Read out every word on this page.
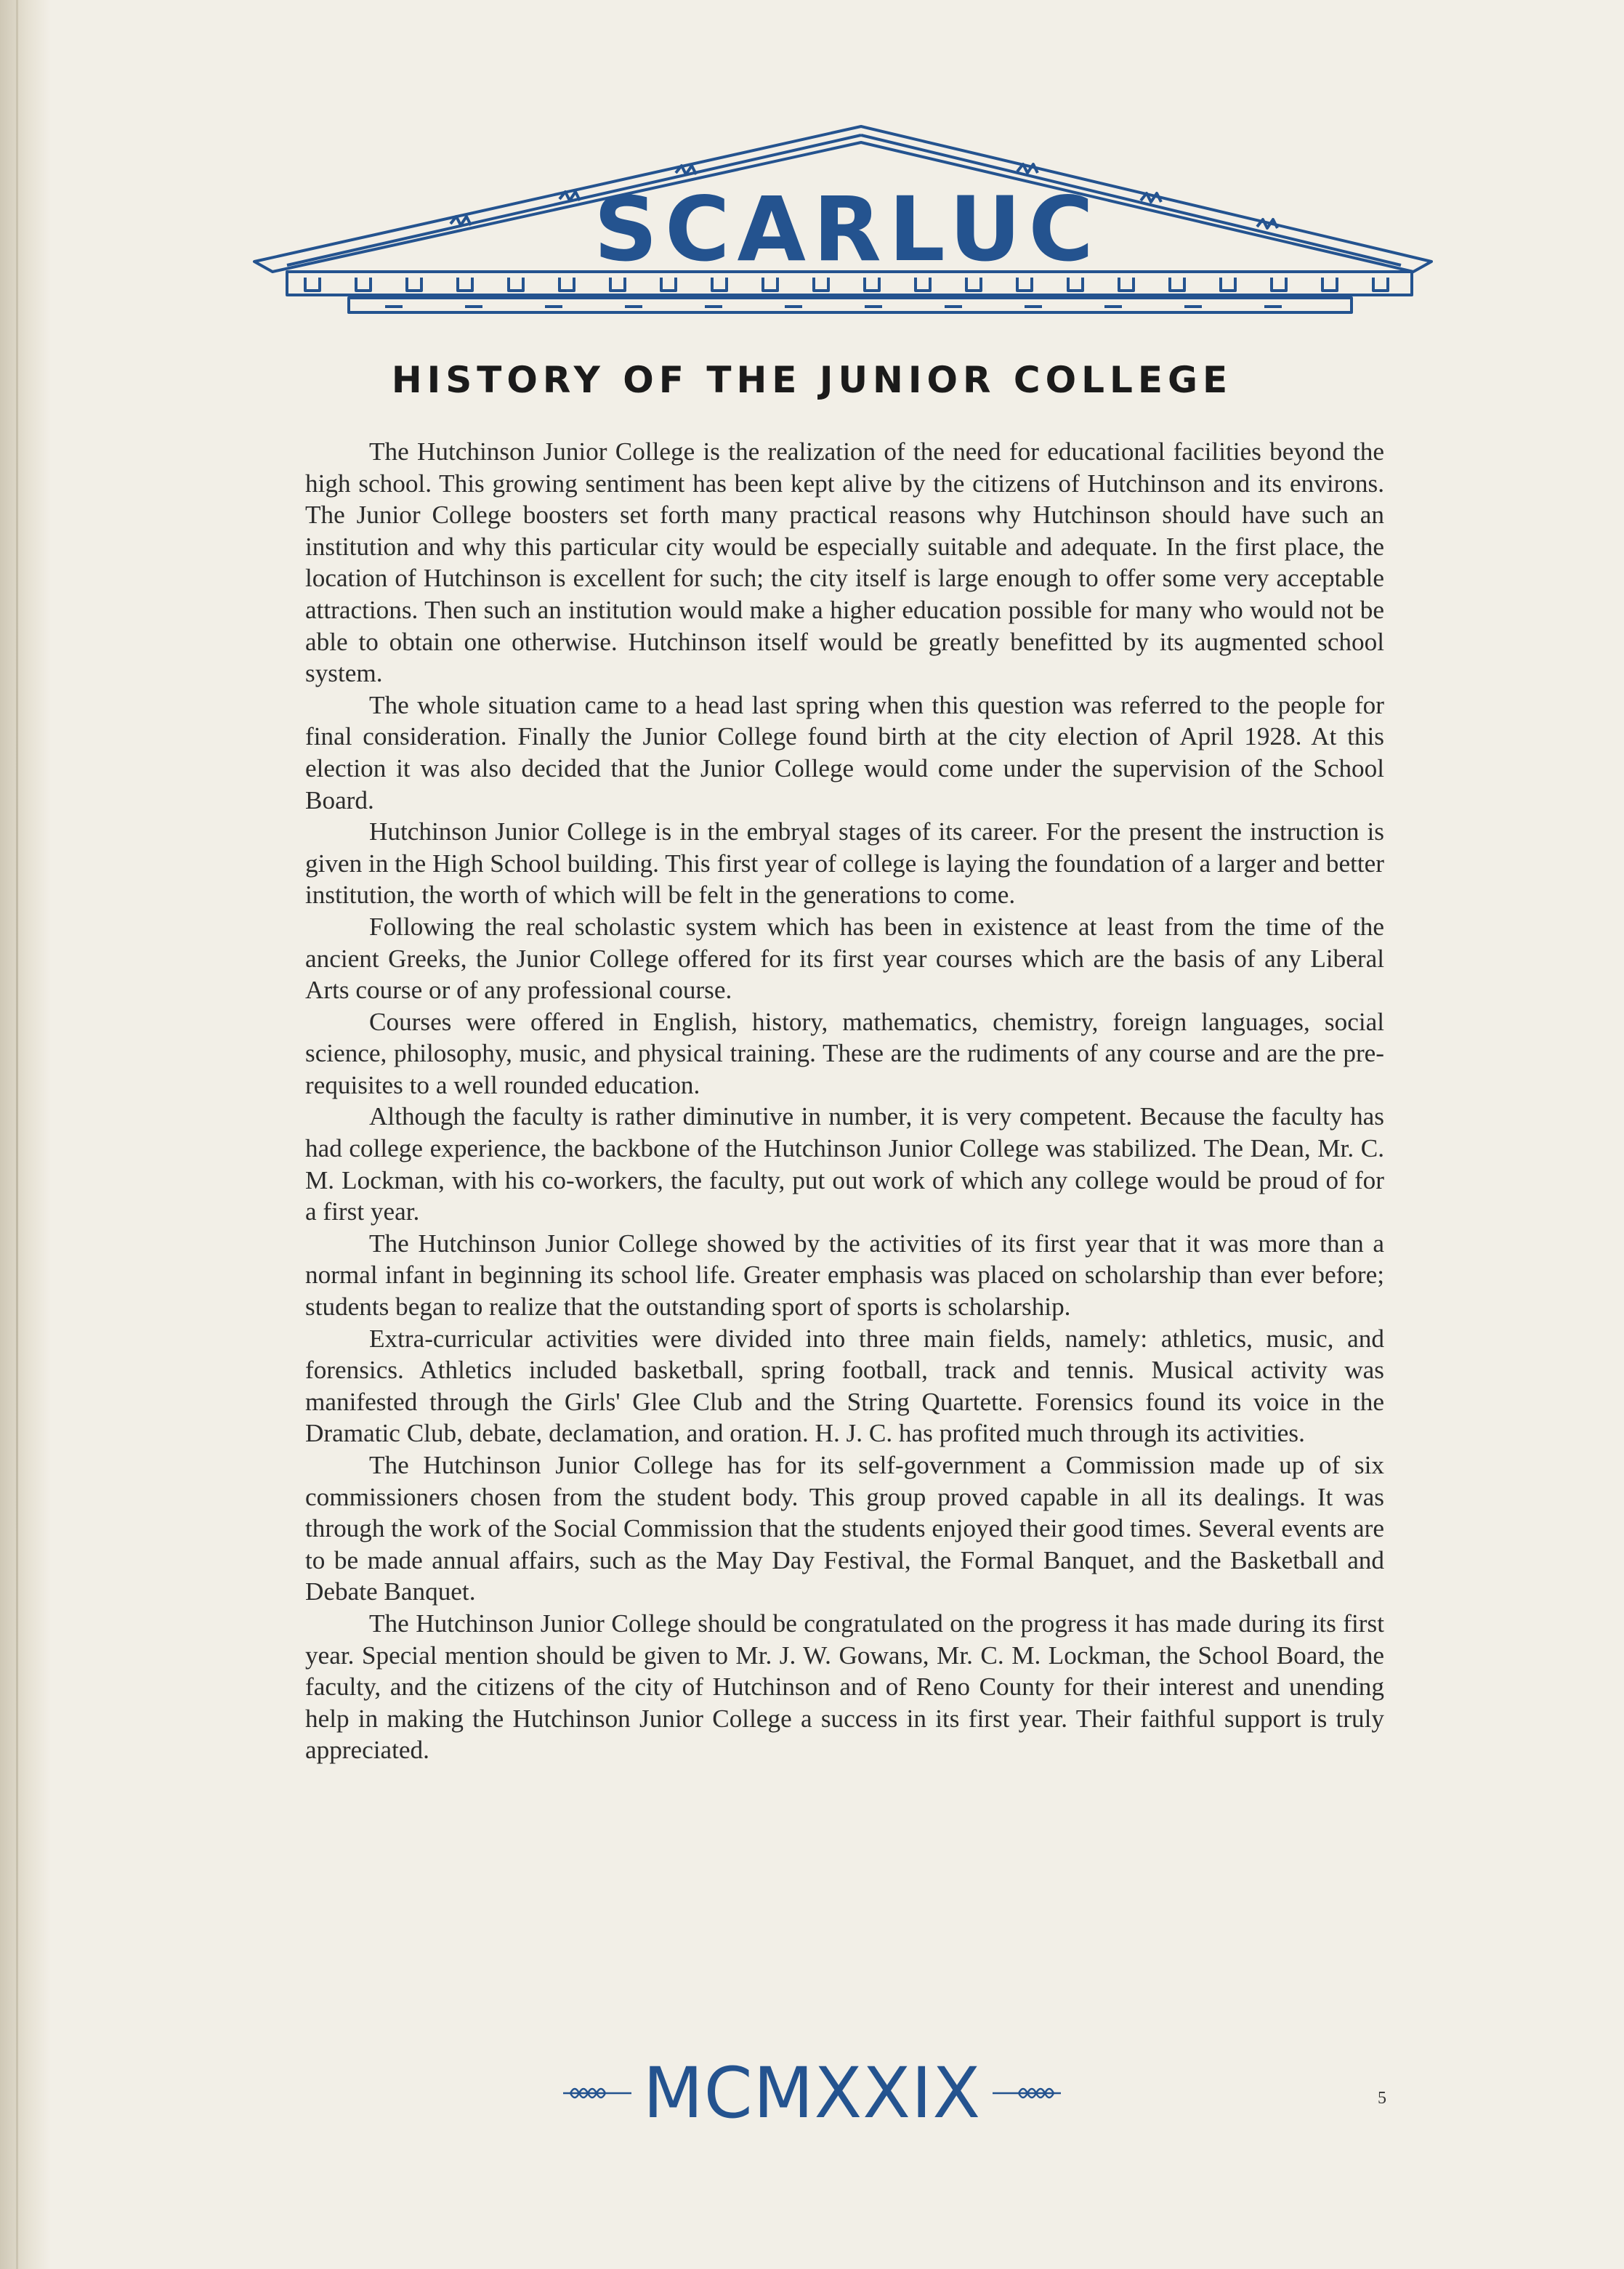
SCARLUC
HISTORY OF THE JUNIOR COLLEGE

The Hutchinson Junior College is the realization of the need for educational facilities beyond the high school. This growing sentiment has been kept alive by the citizens of Hutchinson and its environs. The Junior College boosters set forth many practical reasons why Hutchinson should have such an institution and why this particular city would be especially suitable and adequate. In the first place, the location of Hutchinson is excellent for such; the city itself is large enough to offer some very acceptable attractions. Then such an institution would make a higher education possible for many who would not be able to obtain one otherwise. Hutchinson itself would be greatly benefitted by its augmented school system.

The whole situation came to a head last spring when this question was referred to the people for final consideration. Finally the Junior College found birth at the city election of April 1928. At this election it was also decided that the Junior College would come under the supervision of the School Board.

Hutchinson Junior College is in the embryal stages of its career. For the present the instruction is given in the High School building. This first year of college is laying the foundation of a larger and better institution, the worth of which will be felt in the generations to come.

Following the real scholastic system which has been in existence at least from the time of the ancient Greeks, the Junior College offered for its first year courses which are the basis of any Liberal Arts course or of any professional course.

Courses were offered in English, history, mathematics, chemistry, foreign languages, social science, philosophy, music, and physical training. These are the rudiments of any course and are the pre-requisites to a well rounded education.

Although the faculty is rather diminutive in number, it is very competent. Because the faculty has had college experience, the backbone of the Hutchinson Junior College was stabilized. The Dean, Mr. C. M. Lockman, with his co-workers, the faculty, put out work of which any college would be proud of for a first year.

The Hutchinson Junior College showed by the activities of its first year that it was more than a normal infant in beginning its school life. Greater emphasis was placed on scholarship than ever before; students began to realize that the outstanding sport of sports is scholarship.

Extra-curricular activities were divided into three main fields, namely: athletics, music, and forensics. Athletics included basketball, spring football, track and tennis. Musical activity was manifested through the Girls' Glee Club and the String Quartette. Forensics found its voice in the Dramatic Club, debate, declamation, and oration. H. J. C. has profited much through its activities.

The Hutchinson Junior College has for its self-government a Commission made up of six commissioners chosen from the student body. This group proved capable in all its dealings. It was through the work of the Social Commission that the students enjoyed their good times. Several events are to be made annual affairs, such as the May Day Festival, the Formal Banquet, and the Basketball and Debate Banquet.

The Hutchinson Junior College should be congratulated on the progress it has made during its first year. Special mention should be given to Mr. J. W. Gowans, Mr. C. M. Lockman, the School Board, the faculty, and the citizens of the city of Hutchinson and of Reno County for their interest and unending help in making the Hutchinson Junior College a success in its first year. Their faithful support is truly appreciated.

MCMXXIX	5
